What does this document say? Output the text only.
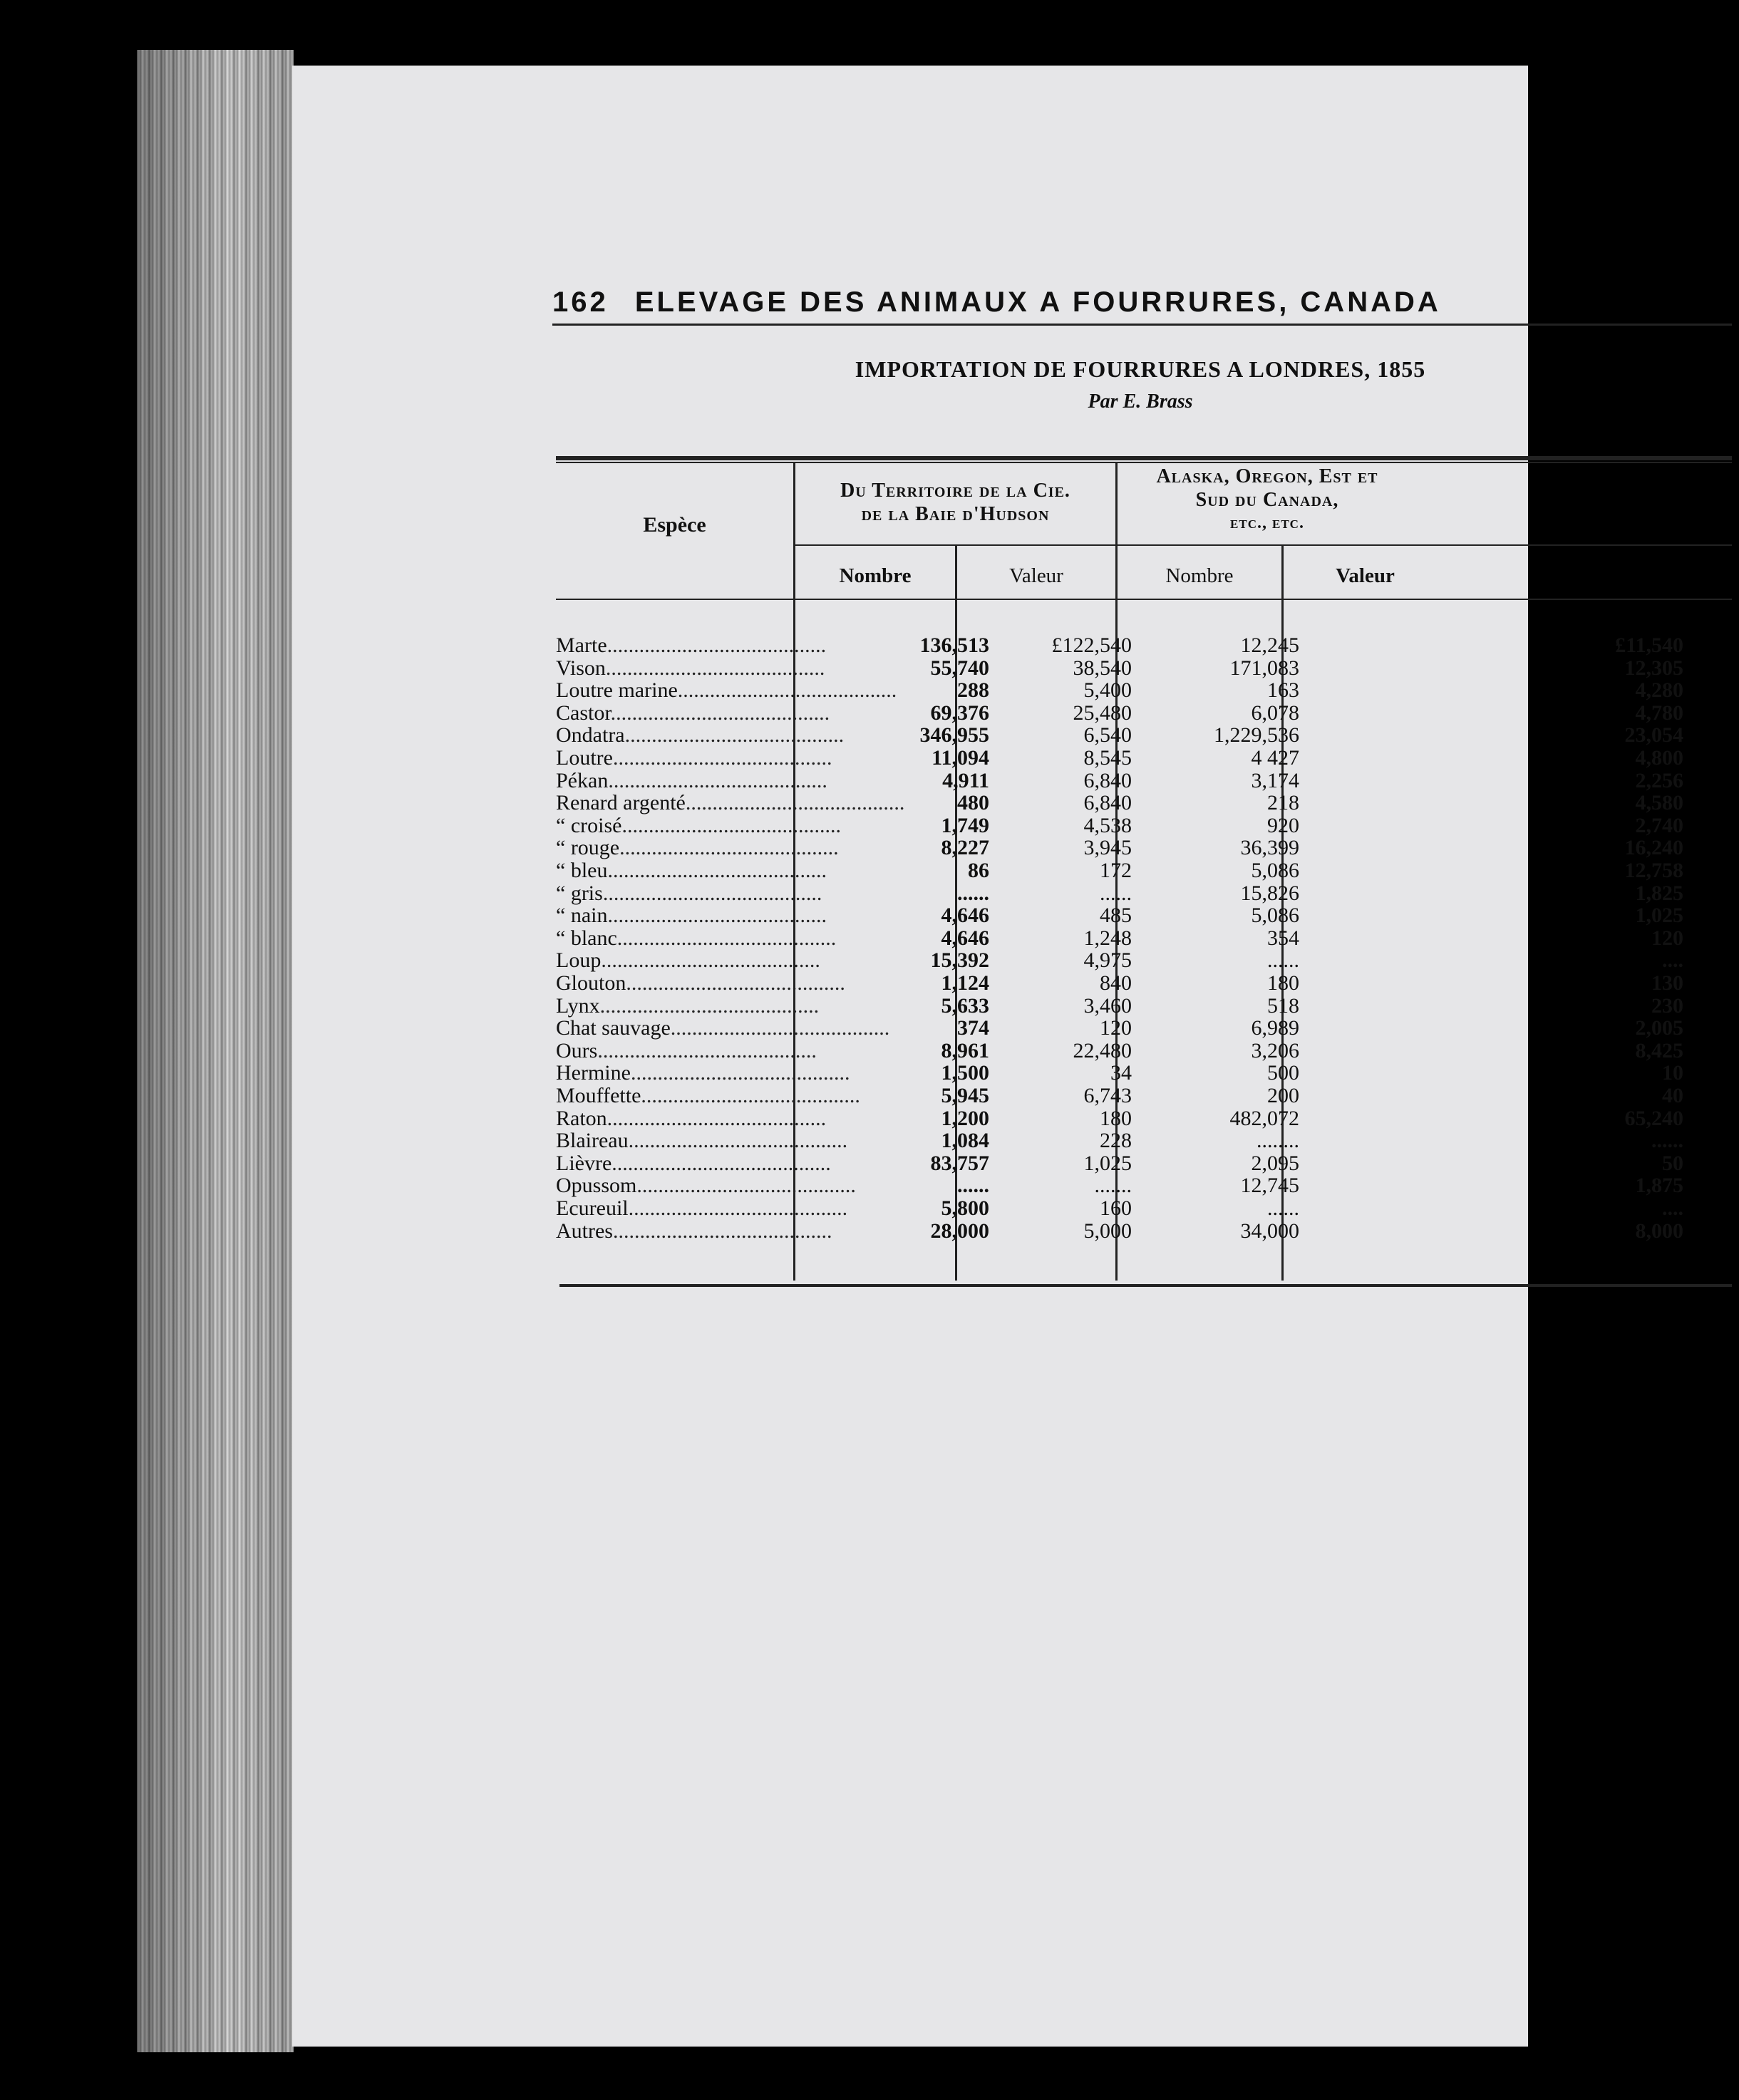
162 ELEVAGE DES ANIMAUX A FOURRURES, CANADA
IMPORTATION DE FOURRURES A LONDRES, 1855
Par E. Brass
Espèce
Du Territoire de la Cie.
de la Baie d'Hudson
Alaska, Oregon, Est et
Sud du Canada,
etc., etc.
Nombre	Valeur	Nombre	Valeur
Marte.........................................	136,513	£122,540	12,245	£11,540
Vison.........................................	55,740	38,540	171,083	12,305
Loutre marine.........................................	288	5,400	163	4,280
Castor.........................................	69,376	25,480	6,078	4,780
Ondatra.........................................	346,955	6,540	1,229,536	23,054
Loutre.........................................	11,094	8,545	4 427	4,800
Pékan.........................................	4,911	6,840	3,174	2,256
Renard argenté.........................................	480	6,840	218	4,580
“ croisé.........................................	1,749	4,538	920	2,740
“ rouge.........................................	8,227	3,945	36,399	16,240
“ bleu.........................................	86	172	5,086	12,758
“ gris.........................................	......	......	15,826	1,825
“ nain.........................................	4,646	485	5,086	1,025
“ blanc.........................................	4,646	1,248	354	120
Loup.........................................	15,392	4,975	......	....
Glouton.........................................	1,124	840	180	130
Lynx.........................................	5,633	3,460	518	230
Chat sauvage.........................................	374	120	6,989	2,005
Ours.........................................	8,961	22,480	3,206	8,425
Hermine.........................................	1,500	34	500	10
Mouffette.........................................	5,945	6,743	200	40
Raton.........................................	1,200	180	482,072	65,240
Blaireau.........................................	1,084	228	........	......
Lièvre.........................................	83,757	1,025	2,095	50
Opussom.........................................	......	.......	12,745	1,875
Ecureuil.........................................	5,800	160	......	....
Autres.........................................	28,000	5,000	34,000	8,000
